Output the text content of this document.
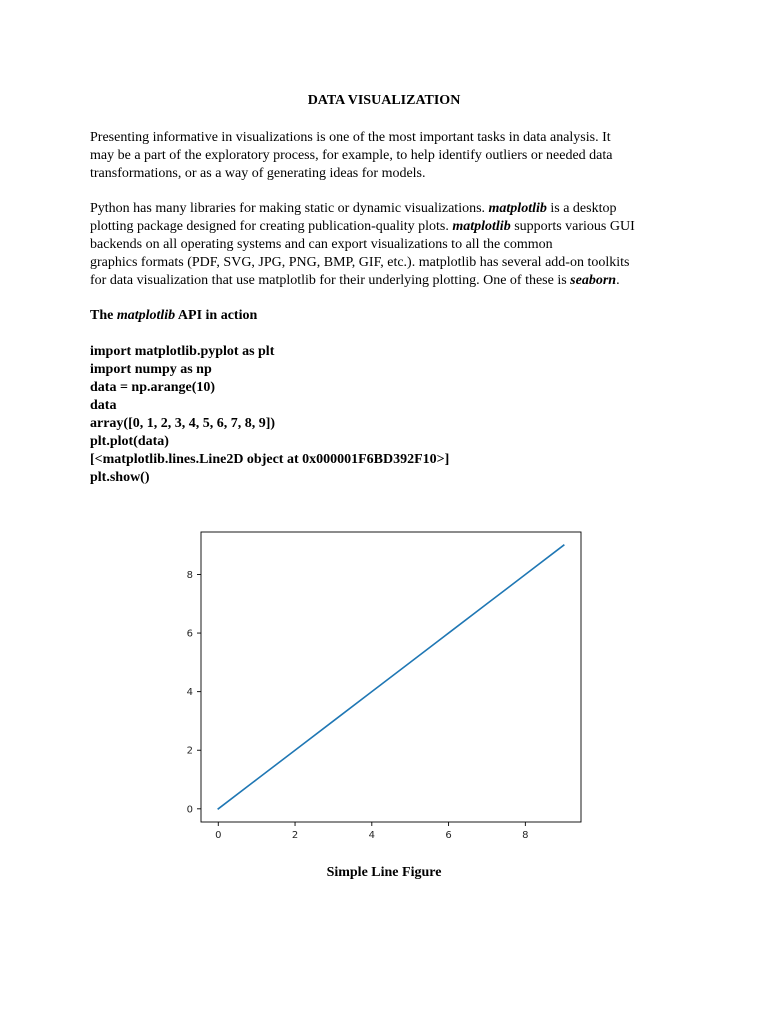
DATA VISUALIZATION

Presenting informative in visualizations is one of the most important tasks in data analysis. It
may be a part of the exploratory process, for example, to help identify outliers or needed data
transformations, or as a way of generating ideas for models.

Python has many libraries for making static or dynamic visualizations. matplotlib is a desktop
plotting package designed for creating publication-quality plots. matplotlib supports various GUI
backends on all operating systems and can export visualizations to all the common
graphics formats (PDF, SVG, JPG, PNG, BMP, GIF, etc.). matplotlib has several add-on toolkits
for data visualization that use matplotlib for their underlying plotting. One of these is seaborn.

The matplotlib API in action
import matplotlib.pyplot as plt
import numpy as np
data = np.arange(10)
data
array([0, 1, 2, 3, 4, 5, 6, 7, 8, 9])
plt.plot(data)
[<matplotlib.lines.Line2D object at 0x000001F6BD392F10>]
plt.show()
0	2	4	6	8
0
2
4
6
8
Simple Line Figure
